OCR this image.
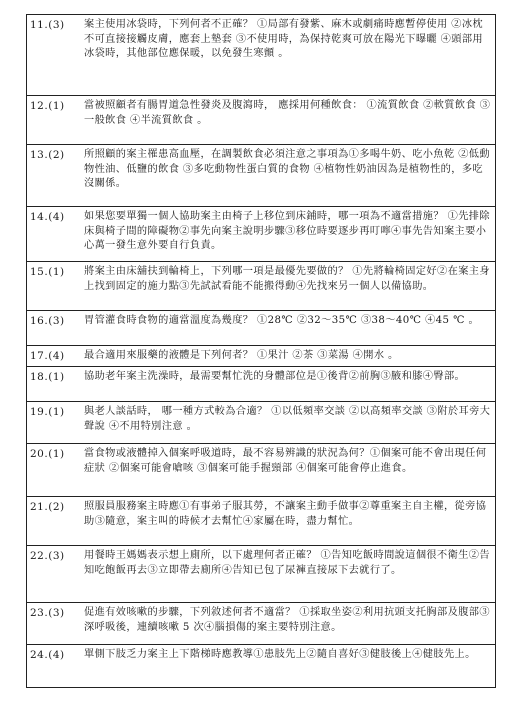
11.(3)	案主使用冰袋時，下列何者不正確？ ①局部有發紫、麻木或劇痛時應暫停使用 ②冰枕不可直接接觸皮膚，應套上墊套 ③不使用時，為保持乾爽可放在陽光下曝曬 ④頭部用冰袋時，其他部位應保暖，以免發生寒顫 。
12.(1)	當被照顧者有腸胃道急性發炎及腹瀉時， 應採用何種飲食： ①流質飲食 ②軟質飲食 ③一般飲食 ④半流質飲食 。
13.(2)	所照顧的案主罹患高血壓，在調製飲食必須注意之事項為①多喝牛奶、吃小魚乾 ②低動物性油、低鹽的飲食 ③多吃動物性蛋白質的食物 ④植物性奶油因為是植物性的，多吃沒關係。
14.(4)	如果您要單獨一個人協助案主由椅子上移位到床鋪時，哪一項為不適當措施？ ①先排除床與椅子間的障礙物②事先向案主說明步驟③移位時要逐步再叮嚀④事先告知案主要小心萬一發生意外要自行負責。
15.(1)	將案主由床舖扶到輪椅上，下列哪一項是最優先要做的？ ①先將輪椅固定好②在案主身上找到固定的施力點③先試試看能不能搬得動④先找來另一個人以備協助。
16.(3)	胃管灌食時食物的適當溫度為幾度？ ①28℃ ②32～35℃ ③38～40℃ ④45 ℃ 。
17.(4)	最合適用來服藥的液體是下列何者？ ①果汁 ②茶 ③菜湯 ④開水 。
18.(1)	協助老年案主洗澡時，最需要幫忙洗的身體部位是①後背②前胸③腋和膝④臀部。
19.(1)	與老人談話時， 哪一種方式較為合適？ ①以低頻率交談 ②以高頻率交談 ③附於耳旁大聲說 ④不用特別注意 。
20.(1)	當食物或液體掉入個案呼吸道時，最不容易辨識的狀況為何？①個案可能不會出現任何症狀 ②個案可能會嗆咳 ③個案可能手握頸部 ④個案可能會停止進食。
21.(2)	照服員服務案主時應①有事弟子服其勞，不讓案主動手做事②尊重案主自主權，從旁協助③隨意，案主叫的時候才去幫忙④家屬在時，盡力幫忙。
22.(3)	用餐時王媽媽表示想上廁所，以下處理何者正確？ ①告知吃飯時間說這個很不衛生②告知吃飽飯再去③立即帶去廁所④告知已包了尿褲直接尿下去就行了。
23.(3)	促進有效咳嗽的步驟，下列敘述何者不適當？ ①採取坐姿②利用抗頭支托胸部及腹部③深呼吸後，連續咳嗽 5 次④腦損傷的案主要特別注意。
24.(4)	單側下肢乏力案主上下階梯時應教導①患肢先上②隨自喜好③健肢後上④健肢先上。
